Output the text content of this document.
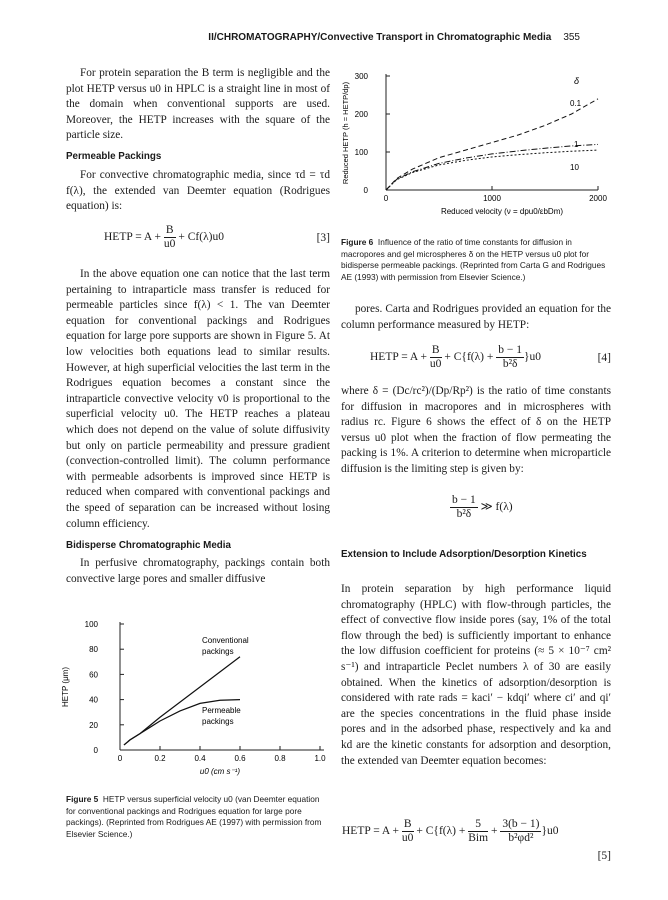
II/CHROMATOGRAPHY/Convective Transport in Chromatographic Media 355

For protein separation the B term is negligible and the plot HETP versus u0 in HPLC is a straight line in most of the domain when conventional supports are used. Moreover, the HETP increases with the square of the particle size.

Permeable Packings

For convective chromatographic media, since τd = τd f(λ), the extended van Deemter equation (Rodrigues equation) is:

HETP = $A + \frac{B}{u0} + Cf(\lambda)u0$	[3]

In the above equation one can notice that the last term pertaining to intraparticle mass transfer is reduced for permeable particles since f(λ) < 1. The van Deemter equation for conventional packings and Rodrigues equation for large pore supports are shown in Figure 5. At low velocities both equations lead to similar results. However, at high superficial velocities the last term in the Rodrigues equation becomes a constant since the intraparticle convective velocity v0 is proportional to the superficial velocity u0. The HETP reaches a plateau which does not depend on the value of solute diffusivity but only on particle permeability and pressure gradient (convection-controlled limit). The column performance with permeable adsorbents is improved since HETP is reduced when compared with conventional packings and the speed of separation can be increased without losing column efficiency.

Bidisperse Chromatographic Media

In perfusive chromatography, packings contain both convective large pores and smaller diffusive

0	0.2	0.4	0.6	0.8	1.0
0
20
40
60
80
100
u0 (cm s⁻¹)
HETP (μm)
Conventional
packings
Permeable
packings
Figure 5 HETP versus superficial velocity u0 (van Deemter equation for conventional packings and Rodrigues equation for large pore packings). (Reprinted from Rodrigues AE (1997) with permission from Elsevier Science.)
0	1000	2000
0
100
200
300
Reduced velocity (ν = dpu0/εbDm)
Reduced HETP (h = HETP/dp)
δ
0.1
1
10
Figure 6 Influence of the ratio of time constants for diffusion in macropores and gel microspheres δ on the HETP versus u0 plot for bidisperse permeable packings. (Reprinted from Carta G and Rodrigues AE (1993) with permission from Elsevier Science.)

pores. Carta and Rodrigues provided an equation for the column performance measured by HETP:

HETP = $A + \frac{B}{u0} + C\{f(\lambda) + \frac{b - 1}{\text{b²δ}} \}u0$	[4]

where δ = (Dc/rc²)/(Dp/Rp²) is the ratio of time constants for diffusion in macropores and in microspheres with radius rc. Figure 6 shows the effect of δ on the HETP versus u0 plot when the fraction of flow permeating the packing is 1%. A criterion to determine when microparticle diffusion is the limiting step is given by:

$\frac{b - 1}{\text{b²δ}}$ ≫ f(λ)
Extension to Include Adsorption/Desorption Kinetics

In protein separation by high performance liquid chromatography (HPLC) with flow-through particles, the effect of convective flow inside pores (say, 1% of the total flow through the bed) is sufficiently important to enhance the low diffusion coefficient for proteins (≈ 5 × 10⁻⁷ cm² s⁻¹) and intraparticle Peclet numbers λ of 30 are easily obtained. When the kinetics of adsorption/desorption is considered with rate rads = kaci′ − kdqi′ where ci′ and qi′ are the species concentrations in the fluid phase inside pores and in the adsorbed phase, respectively and ka and kd are the kinetic constants for adsorption and desorption, the extended van Deemter equation becomes:

HETP = $A + \frac{B}{u0} + C\{f(\lambda) + \frac{5}{\text{Bim}} + \frac{3(b - 1)}{\text{b²φd²}} \}u0$
[5]
